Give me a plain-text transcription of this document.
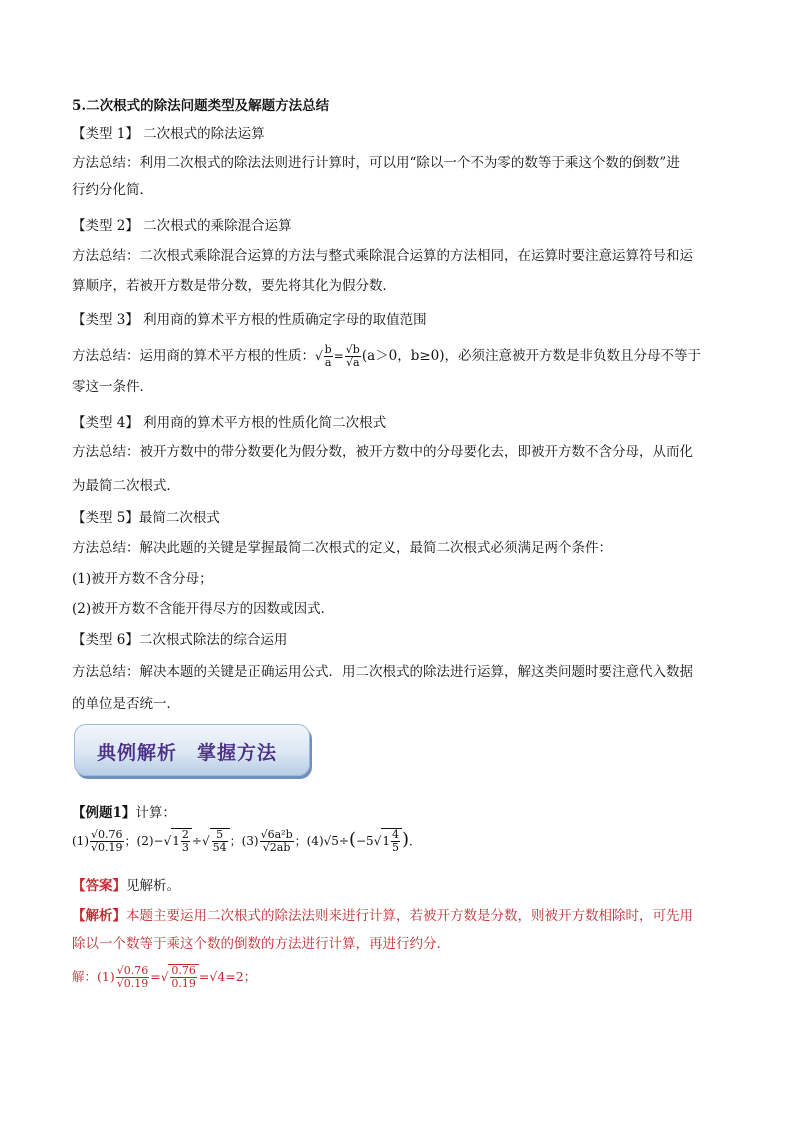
5.二次根式的除法问题类型及解题方法总结
【类型 1】 二次根式的除法运算
方法总结：利用二次根式的除法法则进行计算时，可以用“除以一个不为零的数等于乘这个数的倒数”进
行约分化简．
【类型 2】 二次根式的乘除混合运算
方法总结：二次根式乘除混合运算的方法与整式乘除混合运算的方法相同，在运算时要注意运算符号和运
算顺序，若被开方数是带分数，要先将其化为假分数．
【类型 3】 利用商的算术平方根的性质确定字母的取值范围
方法总结：运用商的算术平方根的性质：√ $\frac{b}{a} = \frac{√b}{√a} (a>0$，b≥0)，必须注意被开方数是非负数且分母不等于
零这一条件．
【类型 4】 利用商的算术平方根的性质化简二次根式
方法总结：被开方数中的带分数要化为假分数，被开方数中的分母要化去，即被开方数不含分母，从而化
为最简二次根式．
【类型 5】最简二次根式
方法总结：解决此题的关键是掌握最简二次根式的定义，最简二次根式必须满足两个条件：
(1)被开方数不含分母；
(2)被开方数不含能开得尽方的因数或因式．
【类型 6】二次根式除法的综合运用
方法总结：解决本题的关键是正确运用公式．用二次根式的除法进行运算，解这类问题时要注意代入数据
的单位是否统一．
典例解析　掌握方法
【例题1】计算：
$(1) \frac{√0.76}{√0.19}$ ；$(2)-√1 \frac{2}{3}$ ÷√ $\frac{5}{54}$ ；$(3) \frac{\text{√6a²b}}{√2ab}$ ；$(4)√5\div(-5√1 \frac{4}{5}$ )．
【答案】见解析。
【解析】本题主要运用二次根式的除法法则来进行计算，若被开方数是分数，则被开方数相除时，可先用
除以一个数等于乘这个数的倒数的方法进行计算，再进行约分．
解：$(1) \frac{√0.76}{√0.19}$ =√ $\frac{0.76}{0.19} =√4=2$；
